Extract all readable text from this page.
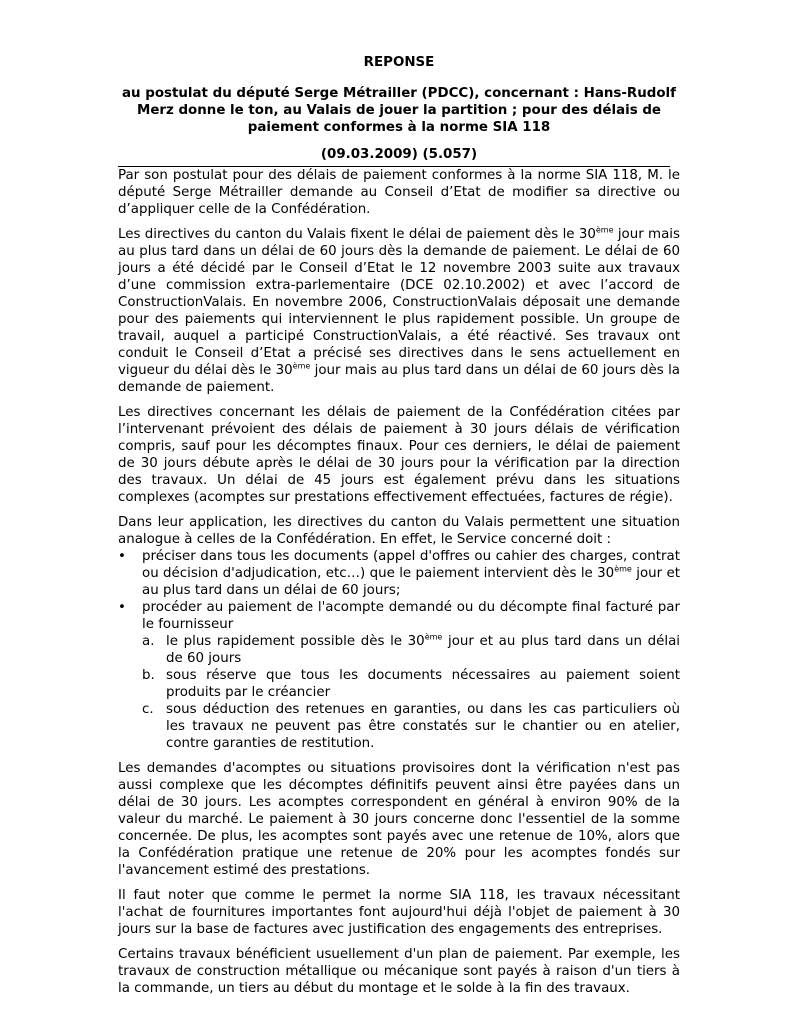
REPONSE

au postulat du député Serge Métrailler (PDCC), concernant : Hans-Rudolf Merz donne le ton, au Valais de jouer la partition ; pour des délais de paiement conformes à la norme SIA 118

(09.03.2009) (5.057)

Par son postulat pour des délais de paiement conformes à la norme SIA 118, M. le député Serge Métrailler demande au Conseil d’Etat de modifier sa directive ou d’appliquer celle de la Confédération.

Les directives du canton du Valais fixent le délai de paiement dès le 30ème jour mais au plus tard dans un délai de 60 jours dès la demande de paiement. Le délai de 60 jours a été décidé par le Conseil d’Etat le 12 novembre 2003 suite aux travaux d’une commission extra-parlementaire (DCE 02.10.2002) et avec l’accord de ConstructionValais. En novembre 2006, ConstructionValais déposait une demande pour des paiements qui interviennent le plus rapidement possible. Un groupe de travail, auquel a participé ConstructionValais, a été réactivé. Ses travaux ont conduit le Conseil d’Etat a précisé ses directives dans le sens actuellement en vigueur du délai dès le 30ème jour mais au plus tard dans un délai de 60 jours dès la demande de paiement.

Les directives concernant les délais de paiement de la Confédération citées par l’intervenant prévoient des délais de paiement à 30 jours délais de vérification compris, sauf pour les décomptes finaux. Pour ces derniers, le délai de paiement de 30 jours débute après le délai de 30 jours pour la vérification par la direction des travaux. Un délai de 45 jours est également prévu dans les situations complexes (acomptes sur prestations effectivement effectuées, factures de régie).

Dans leur application, les directives du canton du Valais permettent une situation analogue à celles de la Confédération. En effet, le Service concerné doit :

• préciser dans tous les documents (appel d'offres ou cahier des charges, contrat ou décision d'adjudication, etc…) que le paiement intervient dès le 30ème jour et au plus tard dans un délai de 60 jours;
• procéder au paiement de l'acompte demandé ou du décompte final facturé par le fournisseur
a. le plus rapidement possible dès le 30ème jour et au plus tard dans un délai de 60 jours
b. sous réserve que tous les documents nécessaires au paiement soient produits par le créancier
c. sous déduction des retenues en garanties, ou dans les cas particuliers où les travaux ne peuvent pas être constatés sur le chantier ou en atelier, contre garanties de restitution.

Les demandes d'acomptes ou situations provisoires dont la vérification n'est pas aussi complexe que les décomptes définitifs peuvent ainsi être payées dans un délai de 30 jours. Les acomptes correspondent en général à environ 90% de la valeur du marché. Le paiement à 30 jours concerne donc l'essentiel de la somme concernée. De plus, les acomptes sont payés avec une retenue de 10%, alors que la Confédération pratique une retenue de 20% pour les acomptes fondés sur l'avancement estimé des prestations.

Il faut noter que comme le permet la norme SIA 118, les travaux nécessitant l'achat de fournitures importantes font aujourd'hui déjà l'objet de paiement à 30 jours sur la base de factures avec justification des engagements des entreprises.

Certains travaux bénéficient usuellement d'un plan de paiement. Par exemple, les travaux de construction métallique ou mécanique sont payés à raison d'un tiers à la commande, un tiers au début du montage et le solde à la fin des travaux.
